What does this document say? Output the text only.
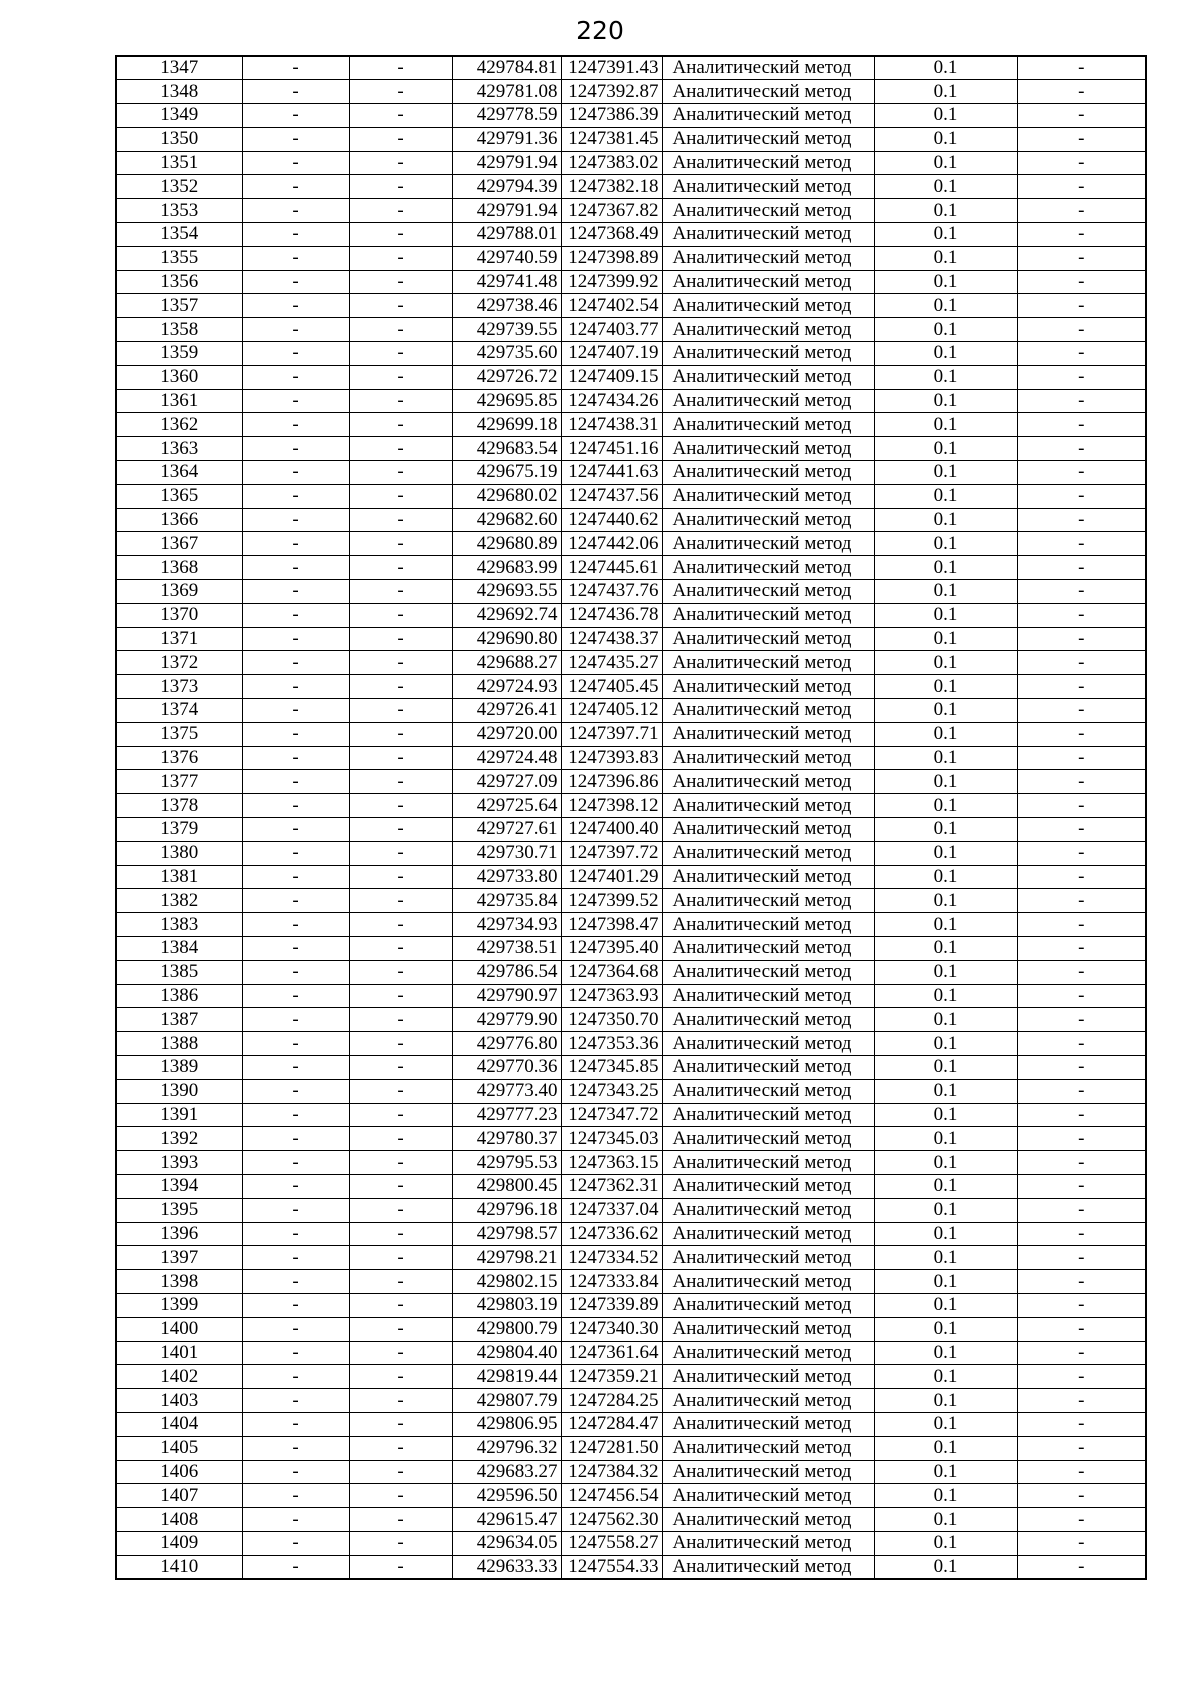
220
1347	-	-	429784.81	1247391.43	Аналитический метод	0.1	-
1348	-	-	429781.08	1247392.87	Аналитический метод	0.1	-
1349	-	-	429778.59	1247386.39	Аналитический метод	0.1	-
1350	-	-	429791.36	1247381.45	Аналитический метод	0.1	-
1351	-	-	429791.94	1247383.02	Аналитический метод	0.1	-
1352	-	-	429794.39	1247382.18	Аналитический метод	0.1	-
1353	-	-	429791.94	1247367.82	Аналитический метод	0.1	-
1354	-	-	429788.01	1247368.49	Аналитический метод	0.1	-
1355	-	-	429740.59	1247398.89	Аналитический метод	0.1	-
1356	-	-	429741.48	1247399.92	Аналитический метод	0.1	-
1357	-	-	429738.46	1247402.54	Аналитический метод	0.1	-
1358	-	-	429739.55	1247403.77	Аналитический метод	0.1	-
1359	-	-	429735.60	1247407.19	Аналитический метод	0.1	-
1360	-	-	429726.72	1247409.15	Аналитический метод	0.1	-
1361	-	-	429695.85	1247434.26	Аналитический метод	0.1	-
1362	-	-	429699.18	1247438.31	Аналитический метод	0.1	-
1363	-	-	429683.54	1247451.16	Аналитический метод	0.1	-
1364	-	-	429675.19	1247441.63	Аналитический метод	0.1	-
1365	-	-	429680.02	1247437.56	Аналитический метод	0.1	-
1366	-	-	429682.60	1247440.62	Аналитический метод	0.1	-
1367	-	-	429680.89	1247442.06	Аналитический метод	0.1	-
1368	-	-	429683.99	1247445.61	Аналитический метод	0.1	-
1369	-	-	429693.55	1247437.76	Аналитический метод	0.1	-
1370	-	-	429692.74	1247436.78	Аналитический метод	0.1	-
1371	-	-	429690.80	1247438.37	Аналитический метод	0.1	-
1372	-	-	429688.27	1247435.27	Аналитический метод	0.1	-
1373	-	-	429724.93	1247405.45	Аналитический метод	0.1	-
1374	-	-	429726.41	1247405.12	Аналитический метод	0.1	-
1375	-	-	429720.00	1247397.71	Аналитический метод	0.1	-
1376	-	-	429724.48	1247393.83	Аналитический метод	0.1	-
1377	-	-	429727.09	1247396.86	Аналитический метод	0.1	-
1378	-	-	429725.64	1247398.12	Аналитический метод	0.1	-
1379	-	-	429727.61	1247400.40	Аналитический метод	0.1	-
1380	-	-	429730.71	1247397.72	Аналитический метод	0.1	-
1381	-	-	429733.80	1247401.29	Аналитический метод	0.1	-
1382	-	-	429735.84	1247399.52	Аналитический метод	0.1	-
1383	-	-	429734.93	1247398.47	Аналитический метод	0.1	-
1384	-	-	429738.51	1247395.40	Аналитический метод	0.1	-
1385	-	-	429786.54	1247364.68	Аналитический метод	0.1	-
1386	-	-	429790.97	1247363.93	Аналитический метод	0.1	-
1387	-	-	429779.90	1247350.70	Аналитический метод	0.1	-
1388	-	-	429776.80	1247353.36	Аналитический метод	0.1	-
1389	-	-	429770.36	1247345.85	Аналитический метод	0.1	-
1390	-	-	429773.40	1247343.25	Аналитический метод	0.1	-
1391	-	-	429777.23	1247347.72	Аналитический метод	0.1	-
1392	-	-	429780.37	1247345.03	Аналитический метод	0.1	-
1393	-	-	429795.53	1247363.15	Аналитический метод	0.1	-
1394	-	-	429800.45	1247362.31	Аналитический метод	0.1	-
1395	-	-	429796.18	1247337.04	Аналитический метод	0.1	-
1396	-	-	429798.57	1247336.62	Аналитический метод	0.1	-
1397	-	-	429798.21	1247334.52	Аналитический метод	0.1	-
1398	-	-	429802.15	1247333.84	Аналитический метод	0.1	-
1399	-	-	429803.19	1247339.89	Аналитический метод	0.1	-
1400	-	-	429800.79	1247340.30	Аналитический метод	0.1	-
1401	-	-	429804.40	1247361.64	Аналитический метод	0.1	-
1402	-	-	429819.44	1247359.21	Аналитический метод	0.1	-
1403	-	-	429807.79	1247284.25	Аналитический метод	0.1	-
1404	-	-	429806.95	1247284.47	Аналитический метод	0.1	-
1405	-	-	429796.32	1247281.50	Аналитический метод	0.1	-
1406	-	-	429683.27	1247384.32	Аналитический метод	0.1	-
1407	-	-	429596.50	1247456.54	Аналитический метод	0.1	-
1408	-	-	429615.47	1247562.30	Аналитический метод	0.1	-
1409	-	-	429634.05	1247558.27	Аналитический метод	0.1	-
1410	-	-	429633.33	1247554.33	Аналитический метод	0.1	-
